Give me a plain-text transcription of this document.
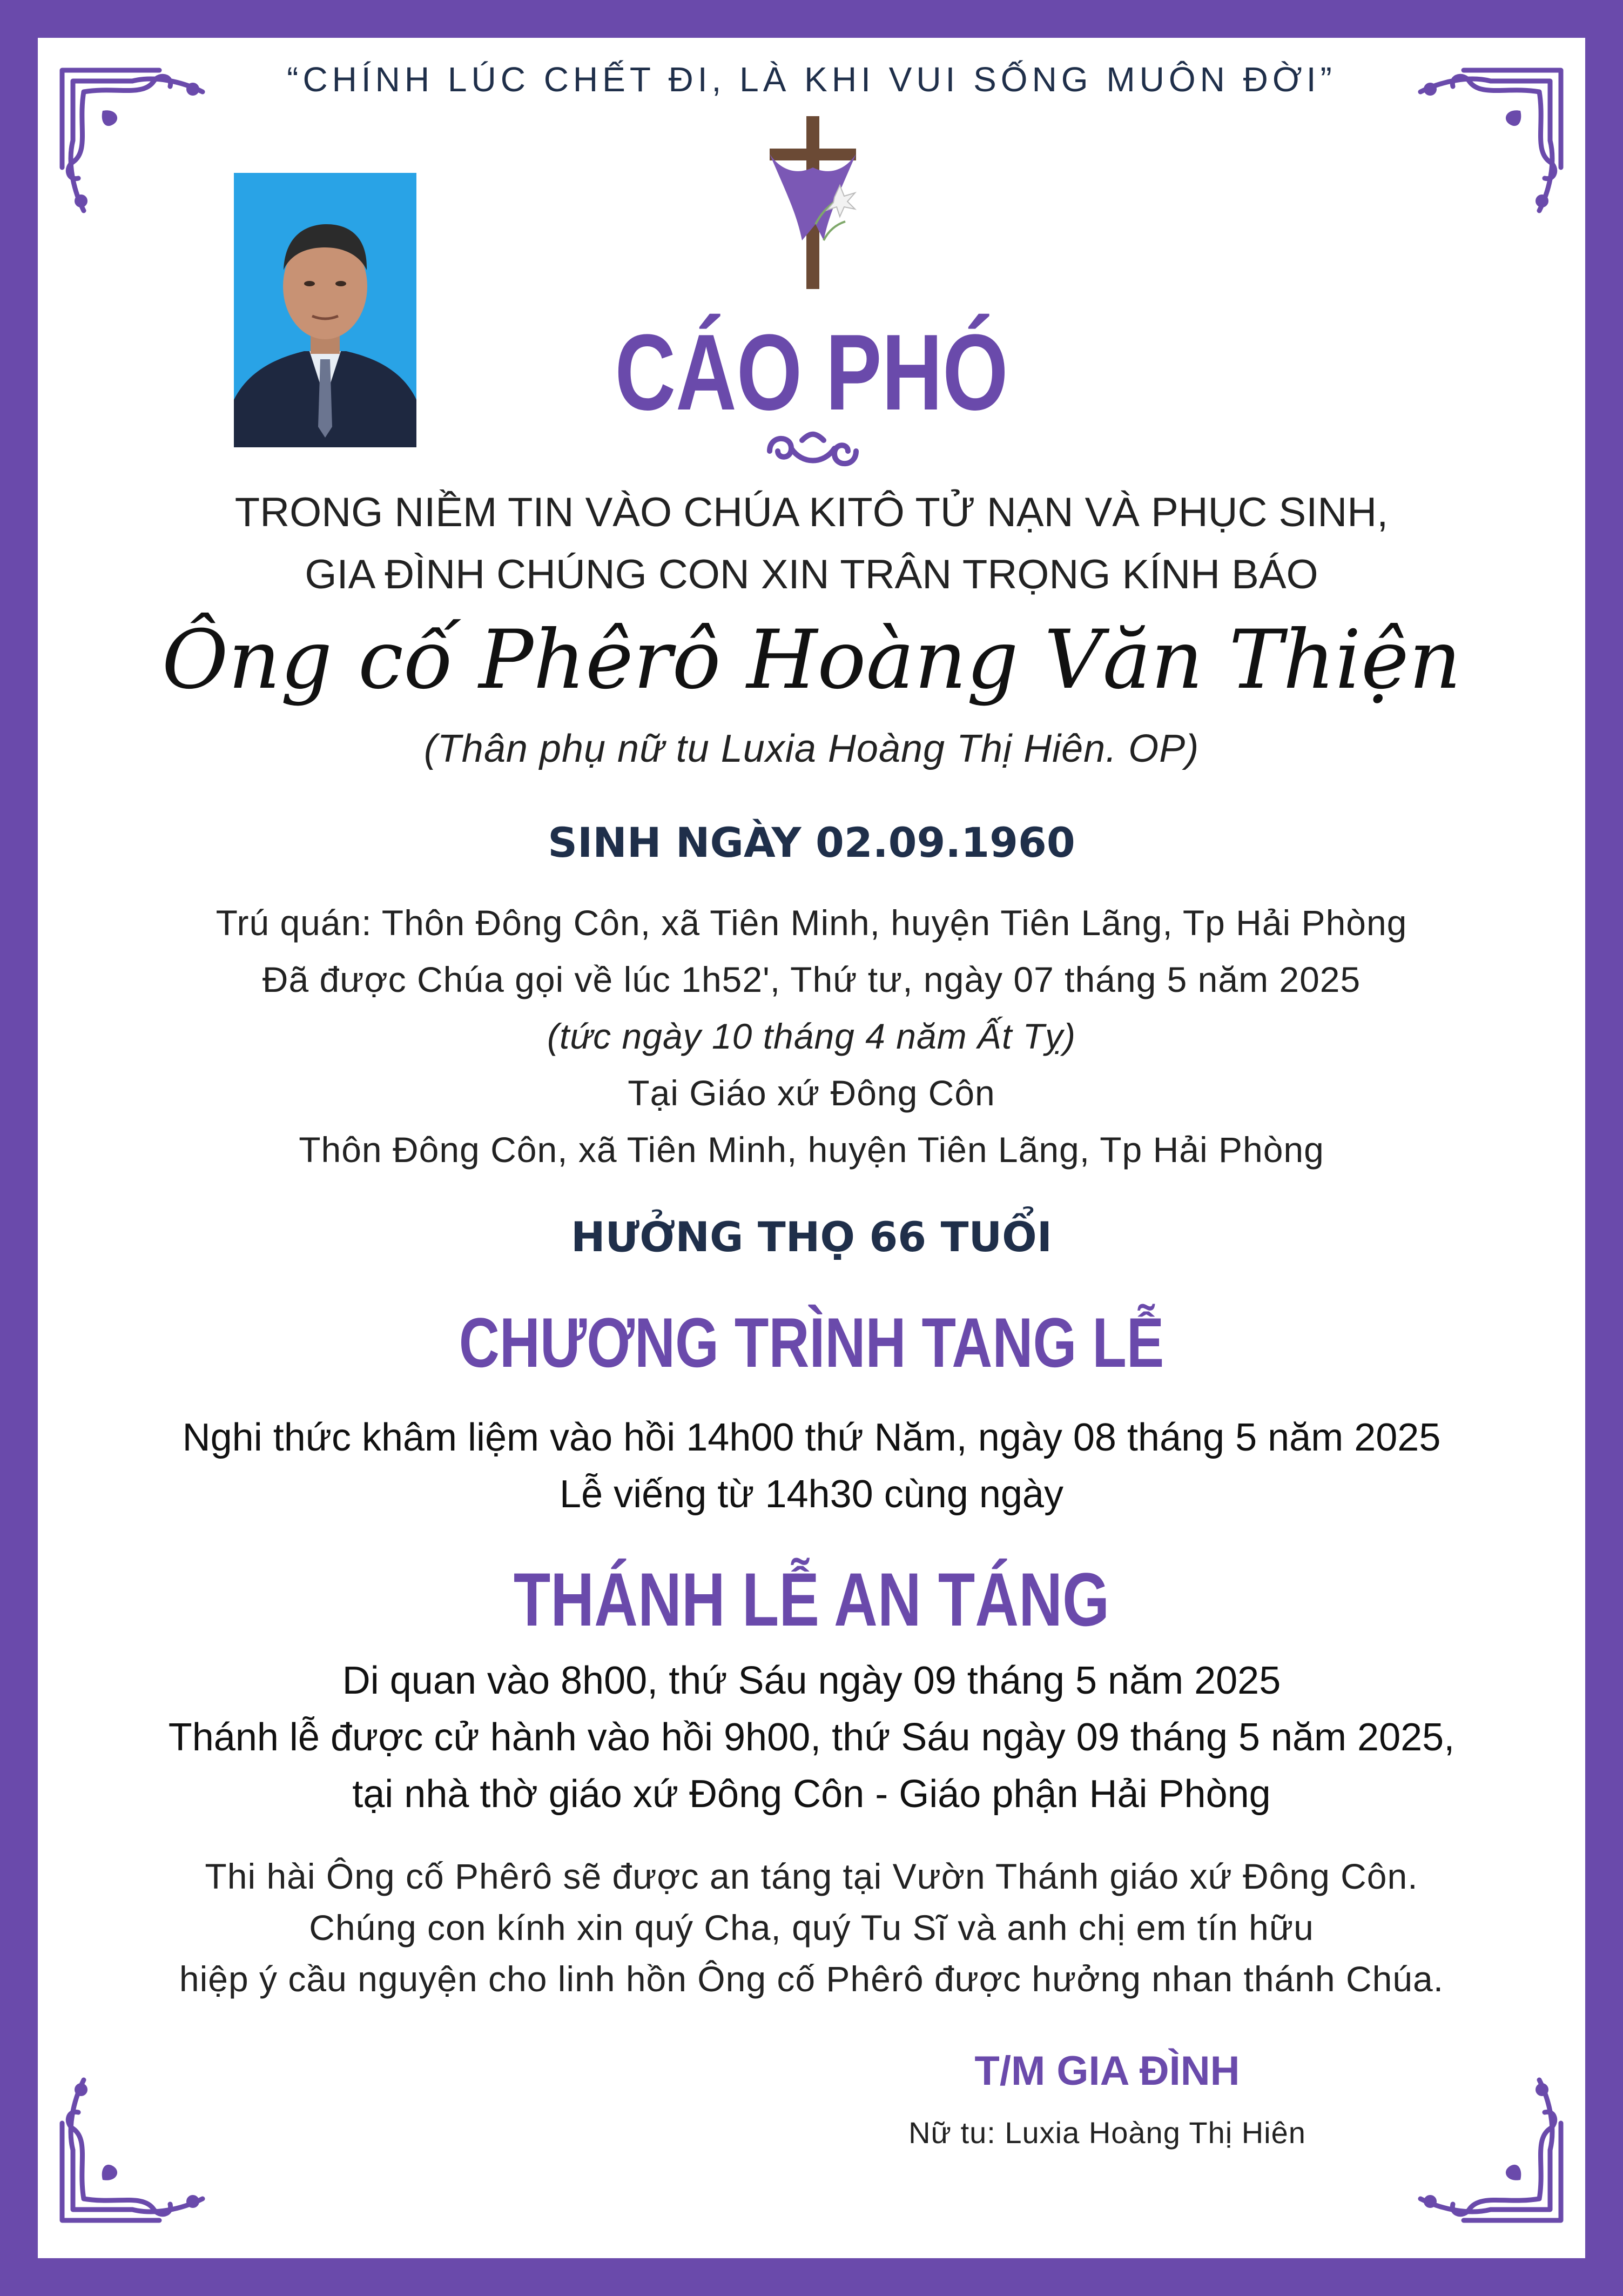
“CHÍNH LÚC CHẾT ĐI, LÀ KHI VUI SỐNG MUÔN ĐỜI”

CÁO PHÓ

TRONG NIỀM TIN VÀO CHÚA KITÔ TỬ NẠN VÀ PHỤC SINH,

GIA ĐÌNH CHÚNG CON XIN TRÂN TRỌNG KÍNH BÁO

Ông cố Phêrô Hoàng Văn Thiện

(Thân phụ nữ tu Luxia Hoàng Thị Hiên. OP)

SINH NGÀY 02.09.1960

Trú quán: Thôn Đông Côn, xã Tiên Minh, huyện Tiên Lãng, Tp Hải Phòng

Đã được Chúa gọi về lúc 1h52', Thứ tư, ngày 07 tháng 5 năm 2025

(tức ngày 10 tháng 4 năm Ất Tỵ)

Tại Giáo xứ Đông Côn

Thôn Đông Côn, xã Tiên Minh, huyện Tiên Lãng, Tp Hải Phòng

HƯỞNG THỌ 66 TUỔI

CHƯƠNG TRÌNH TANG LỄ

Nghi thức khâm liệm vào hồi 14h00 thứ Năm, ngày 08 tháng 5 năm 2025

Lễ viếng từ 14h30 cùng ngày

THÁNH LỄ AN TÁNG

Di quan vào 8h00, thứ Sáu ngày 09 tháng 5 năm 2025

Thánh lễ được cử hành vào hồi 9h00, thứ Sáu ngày 09 tháng 5 năm 2025,

tại nhà thờ giáo xứ Đông Côn - Giáo phận Hải Phòng

Thi hài Ông cố Phêrô sẽ được an táng tại Vườn Thánh giáo xứ Đông Côn.

Chúng con kính xin quý Cha, quý Tu Sĩ và anh chị em tín hữu

hiệp ý cầu nguyện cho linh hồn Ông cố Phêrô được hưởng nhan thánh Chúa.

T/M GIA ĐÌNH

Nữ tu: Luxia Hoàng Thị Hiên
